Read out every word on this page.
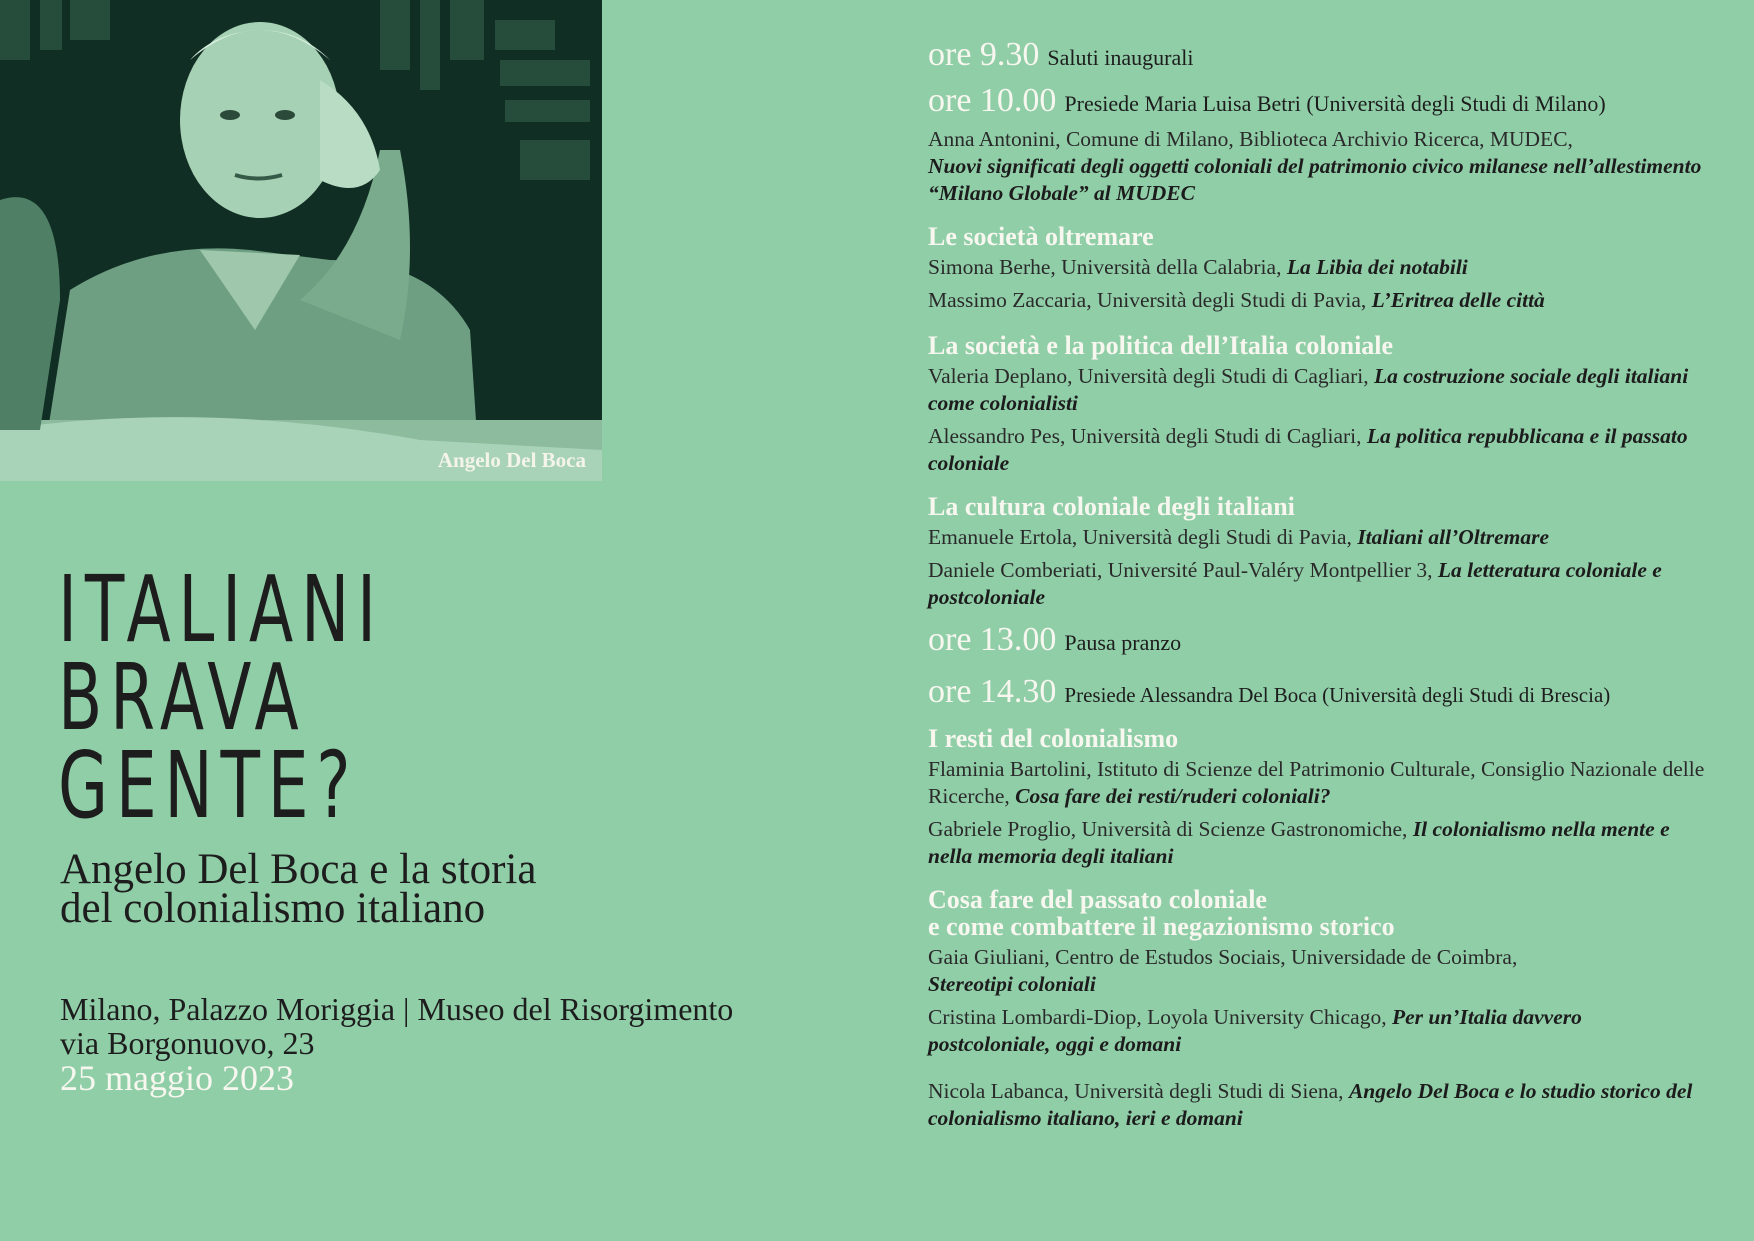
Angelo Del Boca
ITALIANI
BRAVA
GENTE?
Angelo Del Boca e la storia
del colonialismo italiano
Milano, Palazzo Moriggia | Museo del Risorgimento
via Borgonuovo, 23
25 maggio 2023
ore 9.30 Saluti inaugurali
ore 10.00 Presiede Maria Luisa Betri (Università degli Studi di Milano)
Anna Antonini, Comune di Milano, Biblioteca Archivio Ricerca, MUDEC,
Nuovi significati degli oggetti coloniali del patrimonio civico milanese nell’allestimento “Milano Globale” al MUDEC
Le società oltremare
Simona Berhe, Università della Calabria, La Libia dei notabili
Massimo Zaccaria, Università degli Studi di Pavia, L’Eritrea delle città
La società e la politica dell’Italia coloniale
Valeria Deplano, Università degli Studi di Cagliari, La costruzione sociale degli italiani come colonialisti
Alessandro Pes, Università degli Studi di Cagliari, La politica repubblicana e il passato coloniale
La cultura coloniale degli italiani
Emanuele Ertola, Università degli Studi di Pavia, Italiani all’Oltremare
Daniele Comberiati, Université Paul-Valéry Montpellier 3, La letteratura coloniale e postcoloniale
ore 13.00 Pausa pranzo
ore 14.30 Presiede Alessandra Del Boca (Università degli Studi di Brescia)
I resti del colonialismo
Flaminia Bartolini, Istituto di Scienze del Patrimonio Culturale, Consiglio Nazionale delle Ricerche, Cosa fare dei resti/ruderi coloniali?
Gabriele Proglio, Università di Scienze Gastronomiche, Il colonialismo nella mente e nella memoria degli italiani
Cosa fare del passato coloniale
e come combattere il negazionismo storico
Gaia Giuliani, Centro de Estudos Sociais, Universidade de Coimbra,
Stereotipi coloniali
Cristina Lombardi-Diop, Loyola University Chicago, Per un’Italia davvero postcoloniale, oggi e domani
Nicola Labanca, Università degli Studi di Siena, Angelo Del Boca e lo studio storico del colonialismo italiano, ieri e domani
